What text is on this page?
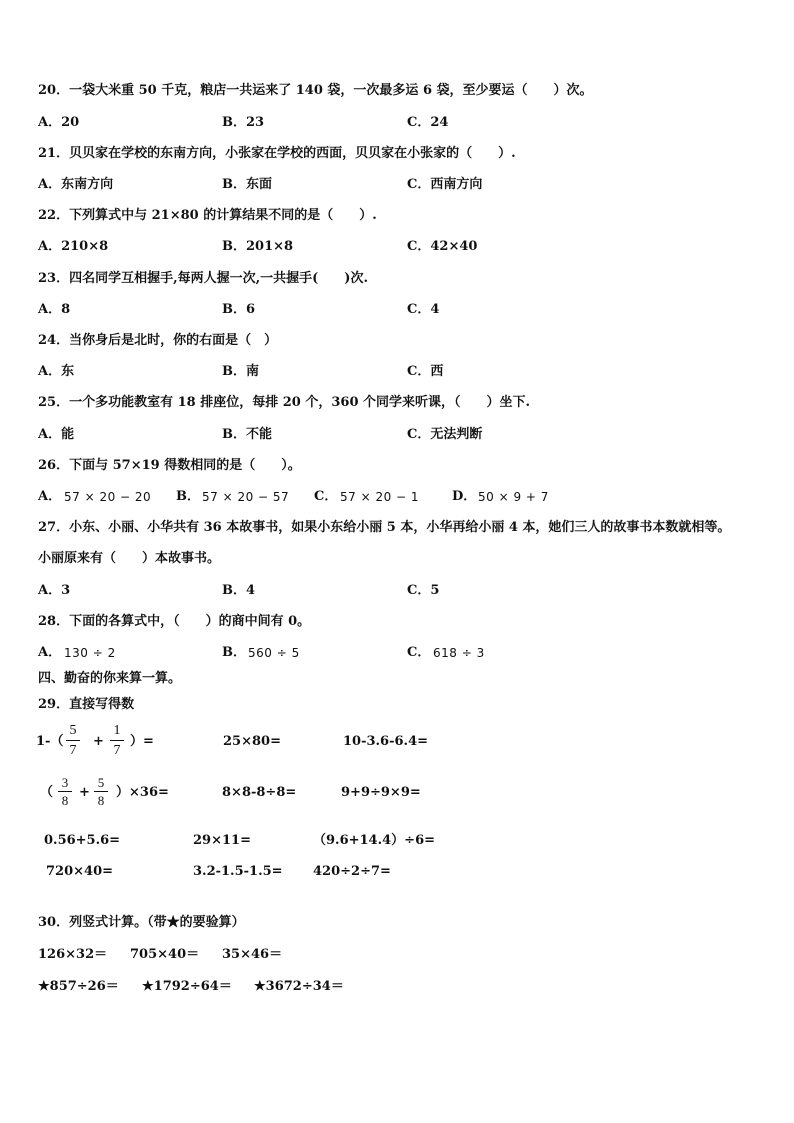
20．一袋大米重 50 千克，粮店一共运来了 140 袋，一次最多运 6 袋，至少要运（　　）次。
A．20	B．23	C．24
21．贝贝家在学校的东南方向，小张家在学校的西面，贝贝家在小张家的（　　）.
A．东南方向	B．东面	C．西南方向
22．下列算式中与 21×80 的计算结果不同的是（　　）.
A．210×8	B．201×8	C．42×40
23．四名同学互相握手,每两人握一次,一共握手(　　)次.
A．8	B．6	C．4
24．当你身后是北时，你的右面是（　）
A．东	B．南	C．西
25．一个多功能教室有 18 排座位，每排 20 个，360 个同学来听课，（　　）坐下.
A．能	B．不能	C．无法判断
26．下面与 57×19 得数相同的是（　　）。
A． 57 × 20 − 20 B． 57 × 20 − 57 C． 57 × 20 − 1	D． 50 × 9 + 7
27．小东、小丽、小华共有 36 本故事书，如果小东给小丽 5 本，小华再给小丽 4 本，她们三人的故事书本数就相等。
小丽原来有（　　）本故事书。
A．3	B．4	C．5
28．下面的各算式中，（　　）的商中间有 0。
A． 130 ÷ 2	B． 560 ÷ 5	C． 618 ÷ 3
四、勤奋的你来算一算。
29．直接写得数
1-（
5
7
+
1
7
）=	25×80=	10-3.6-6.4=
（
3
8
+
5
8
）×36=	8×8-8÷8=	9+9÷9×9=
0.56+5.6=	29×11=	（9.6+14.4）÷6=
720×40=	3.2-1.5-1.5= 420÷2÷7=
30．列竖式计算。（带★的要验算）
126×32＝ 705×40＝ 35×46＝
★857÷26＝ ★1792÷64＝ ★3672÷34＝
